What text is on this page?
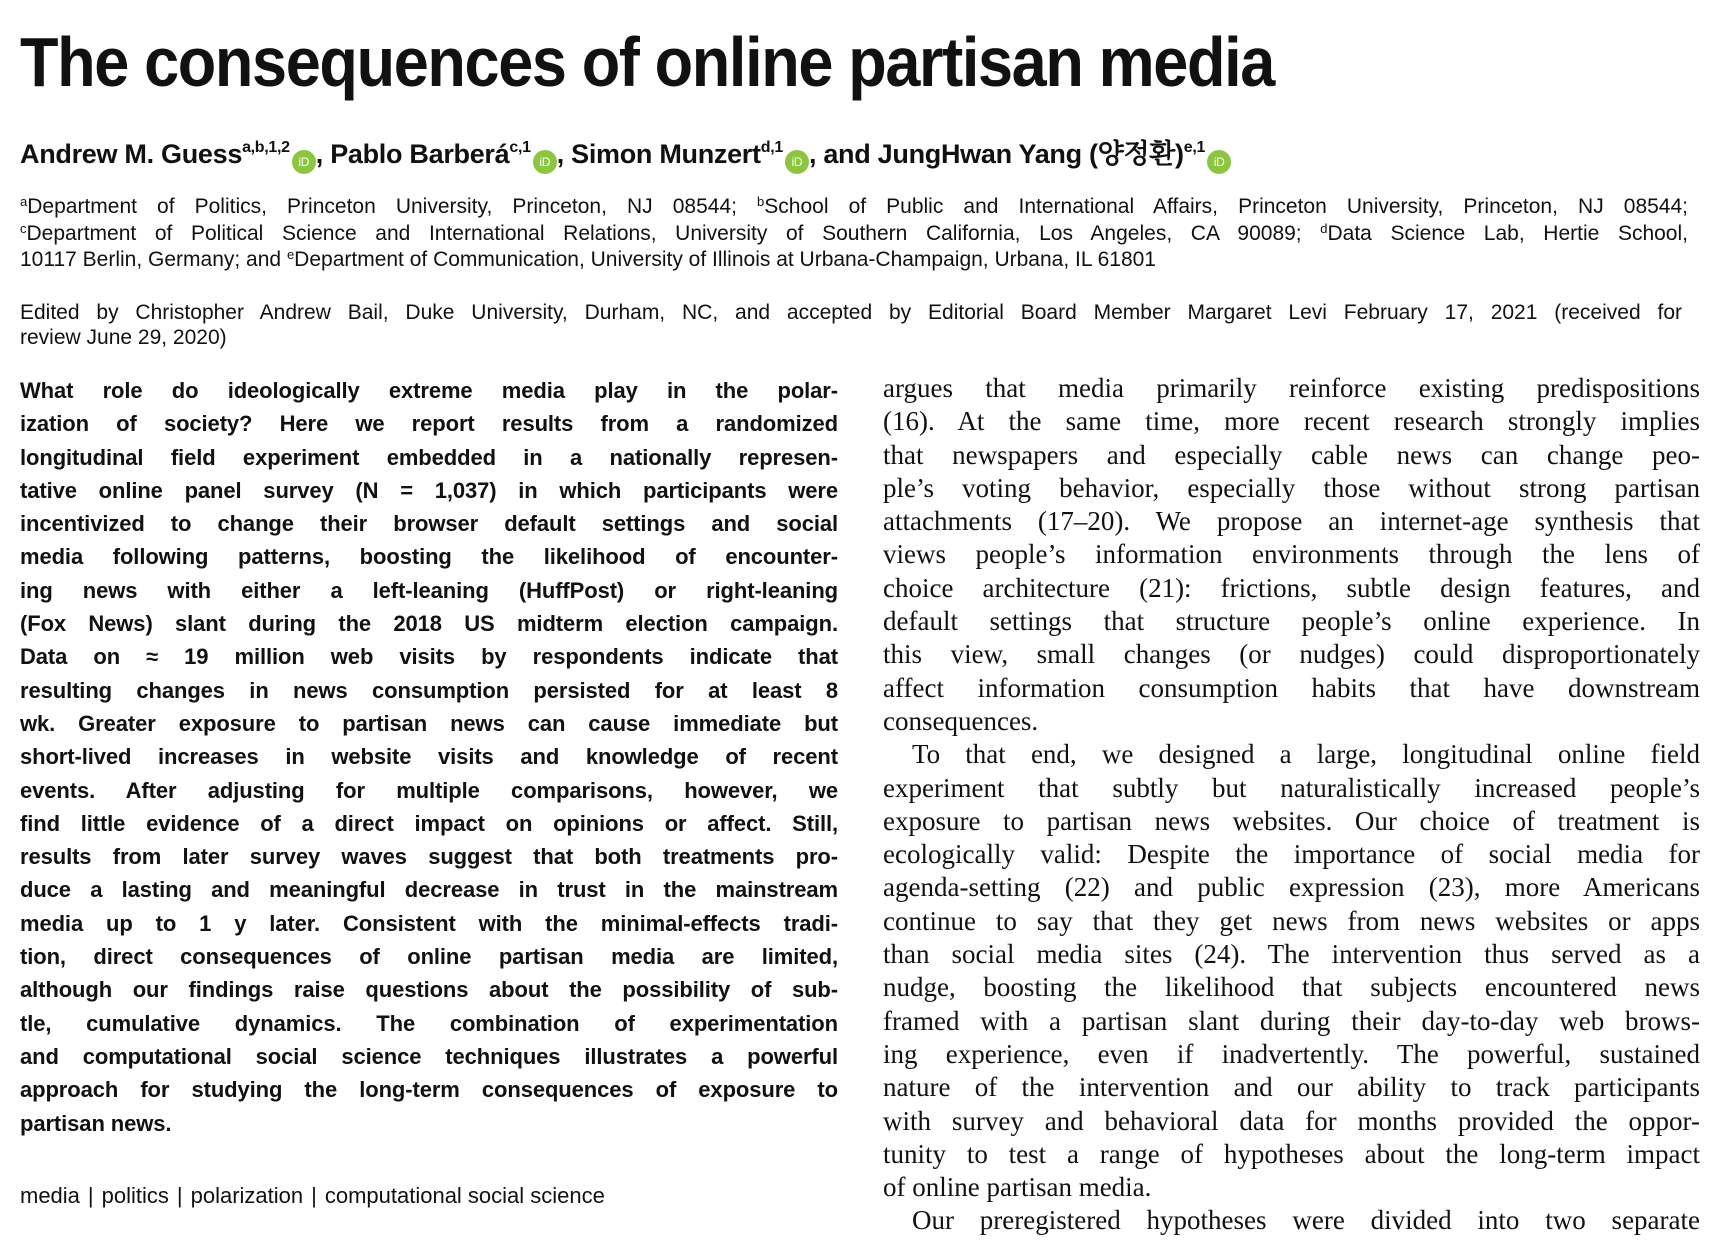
The consequences of online partisan media
Andrew M. Guess$^{a,b,1,2}$iD , Pablo Barberá$^{c,1}$iD , Simon Munzert$^{d,1}$iD , and JungHwan Yang (양정환)$^{e,1}$iD
$^a$Department of Politics, Princeton University, Princeton, NJ 08544; $^b$School of Public and International Affairs, Princeton University, Princeton, NJ 08544;
$^c$Department of Political Science and International Relations, University of Southern California, Los Angeles, CA 90089; $^d$Data Science Lab, Hertie School,
10117 Berlin, Germany; and $^e$Department of Communication, University of Illinois at Urbana-Champaign, Urbana, IL 61801
Edited by Christopher Andrew Bail, Duke University, Durham, NC, and accepted by Editorial Board Member Margaret Levi February 17, 2021 (received for
review June 29, 2020)
What role do ideologically extreme media play in the polar-
ization of society? Here we report results from a randomized
longitudinal field experiment embedded in a nationally represen-
tative online panel survey (N = 1,037) in which participants were
incentivized to change their browser default settings and social
media following patterns, boosting the likelihood of encounter-
ing news with either a left-leaning (HuffPost) or right-leaning
(Fox News) slant during the 2018 US midterm election campaign.
Data on ≈ 19 million web visits by respondents indicate that
resulting changes in news consumption persisted for at least 8
wk. Greater exposure to partisan news can cause immediate but
short-lived increases in website visits and knowledge of recent
events. After adjusting for multiple comparisons, however, we
find little evidence of a direct impact on opinions or affect. Still,
results from later survey waves suggest that both treatments pro-
duce a lasting and meaningful decrease in trust in the mainstream
media up to 1 y later. Consistent with the minimal-effects tradi-
tion, direct consequences of online partisan media are limited,
although our findings raise questions about the possibility of sub-
tle, cumulative dynamics. The combination of experimentation
and computational social science techniques illustrates a powerful
approach for studying the long-term consequences of exposure to
partisan news.
argues that media primarily reinforce existing predispositions
(16). At the same time, more recent research strongly implies
that newspapers and especially cable news can change peo-
ple’s voting behavior, especially those without strong partisan
attachments (17–20). We propose an internet-age synthesis that
views people’s information environments through the lens of
choice architecture (21): frictions, subtle design features, and
default settings that structure people’s online experience. In
this view, small changes (or nudges) could disproportionately
affect information consumption habits that have downstream
consequences.
To that end, we designed a large, longitudinal online field
experiment that subtly but naturalistically increased people’s
exposure to partisan news websites. Our choice of treatment is
ecologically valid: Despite the importance of social media for
agenda-setting (22) and public expression (23), more Americans
continue to say that they get news from news websites or apps
than social media sites (24). The intervention thus served as a
nudge, boosting the likelihood that subjects encountered news
framed with a partisan slant during their day-to-day web brows-
ing experience, even if inadvertently. The powerful, sustained
nature of the intervention and our ability to track participants
with survey and behavioral data for months provided the oppor-
tunity to test a range of hypotheses about the long-term impact
of online partisan media.
Our preregistered hypotheses were divided into two separate
media | politics | polarization | computational social science
